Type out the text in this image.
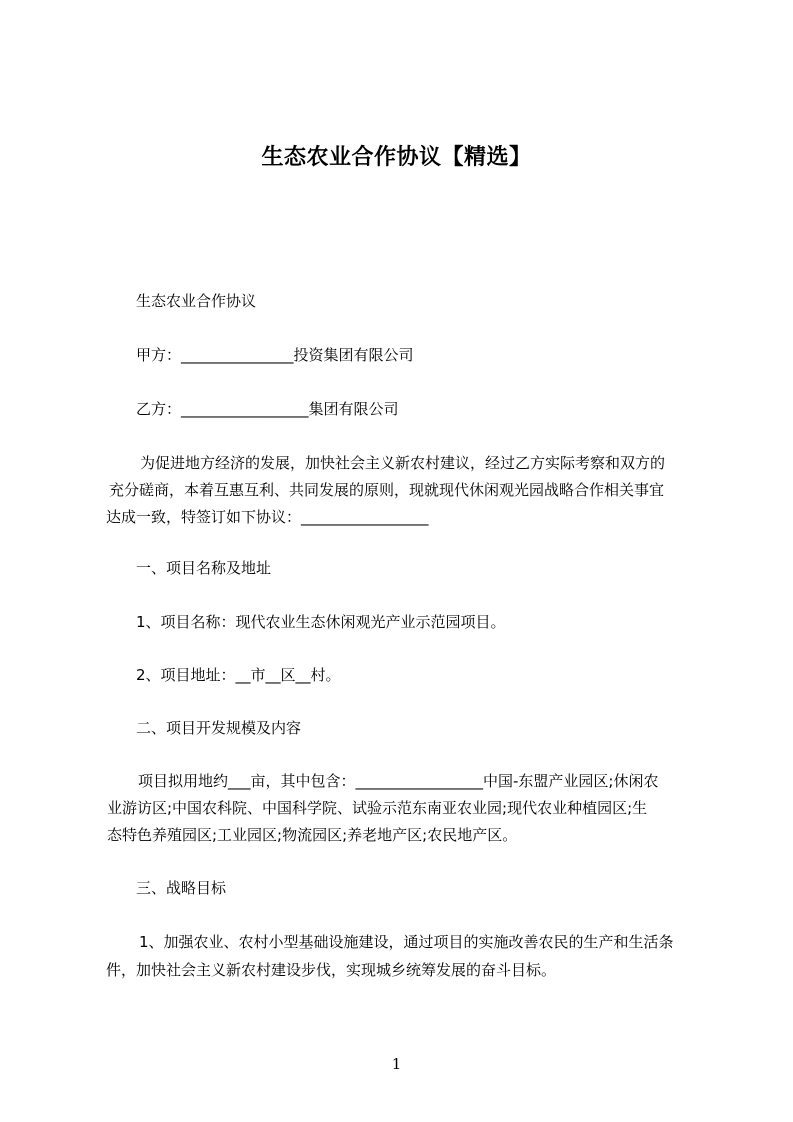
生态农业合作协议【精选】
生态农业合作协议
甲方：_______________投资集团有限公司
乙方：_________________集团有限公司
为促进地方经济的发展，加快社会主义新农村建议，经过乙方实际考察和双方的
充分磋商，本着互惠互利、共同发展的原则，现就现代休闲观光园战略合作相关事宜
达成一致，特签订如下协议：_________________
一、项目名称及地址
1、项目名称：现代农业生态休闲观光产业示范园项目。
2、项目地址：__市__区__村。
二、项目开发规模及内容
项目拟用地约___亩，其中包含：_________________中国-东盟产业园区;休闲农
业游访区;中国农科院、中国科学院、试验示范东南亚农业园;现代农业种植园区;生
态特色养殖园区;工业园区;物流园区;养老地产区;农民地产区。
三、战略目标
1、加强农业、农村小型基础设施建设，通过项目的实施改善农民的生产和生活条
件，加快社会主义新农村建设步伐，实现城乡统筹发展的奋斗目标。
1
